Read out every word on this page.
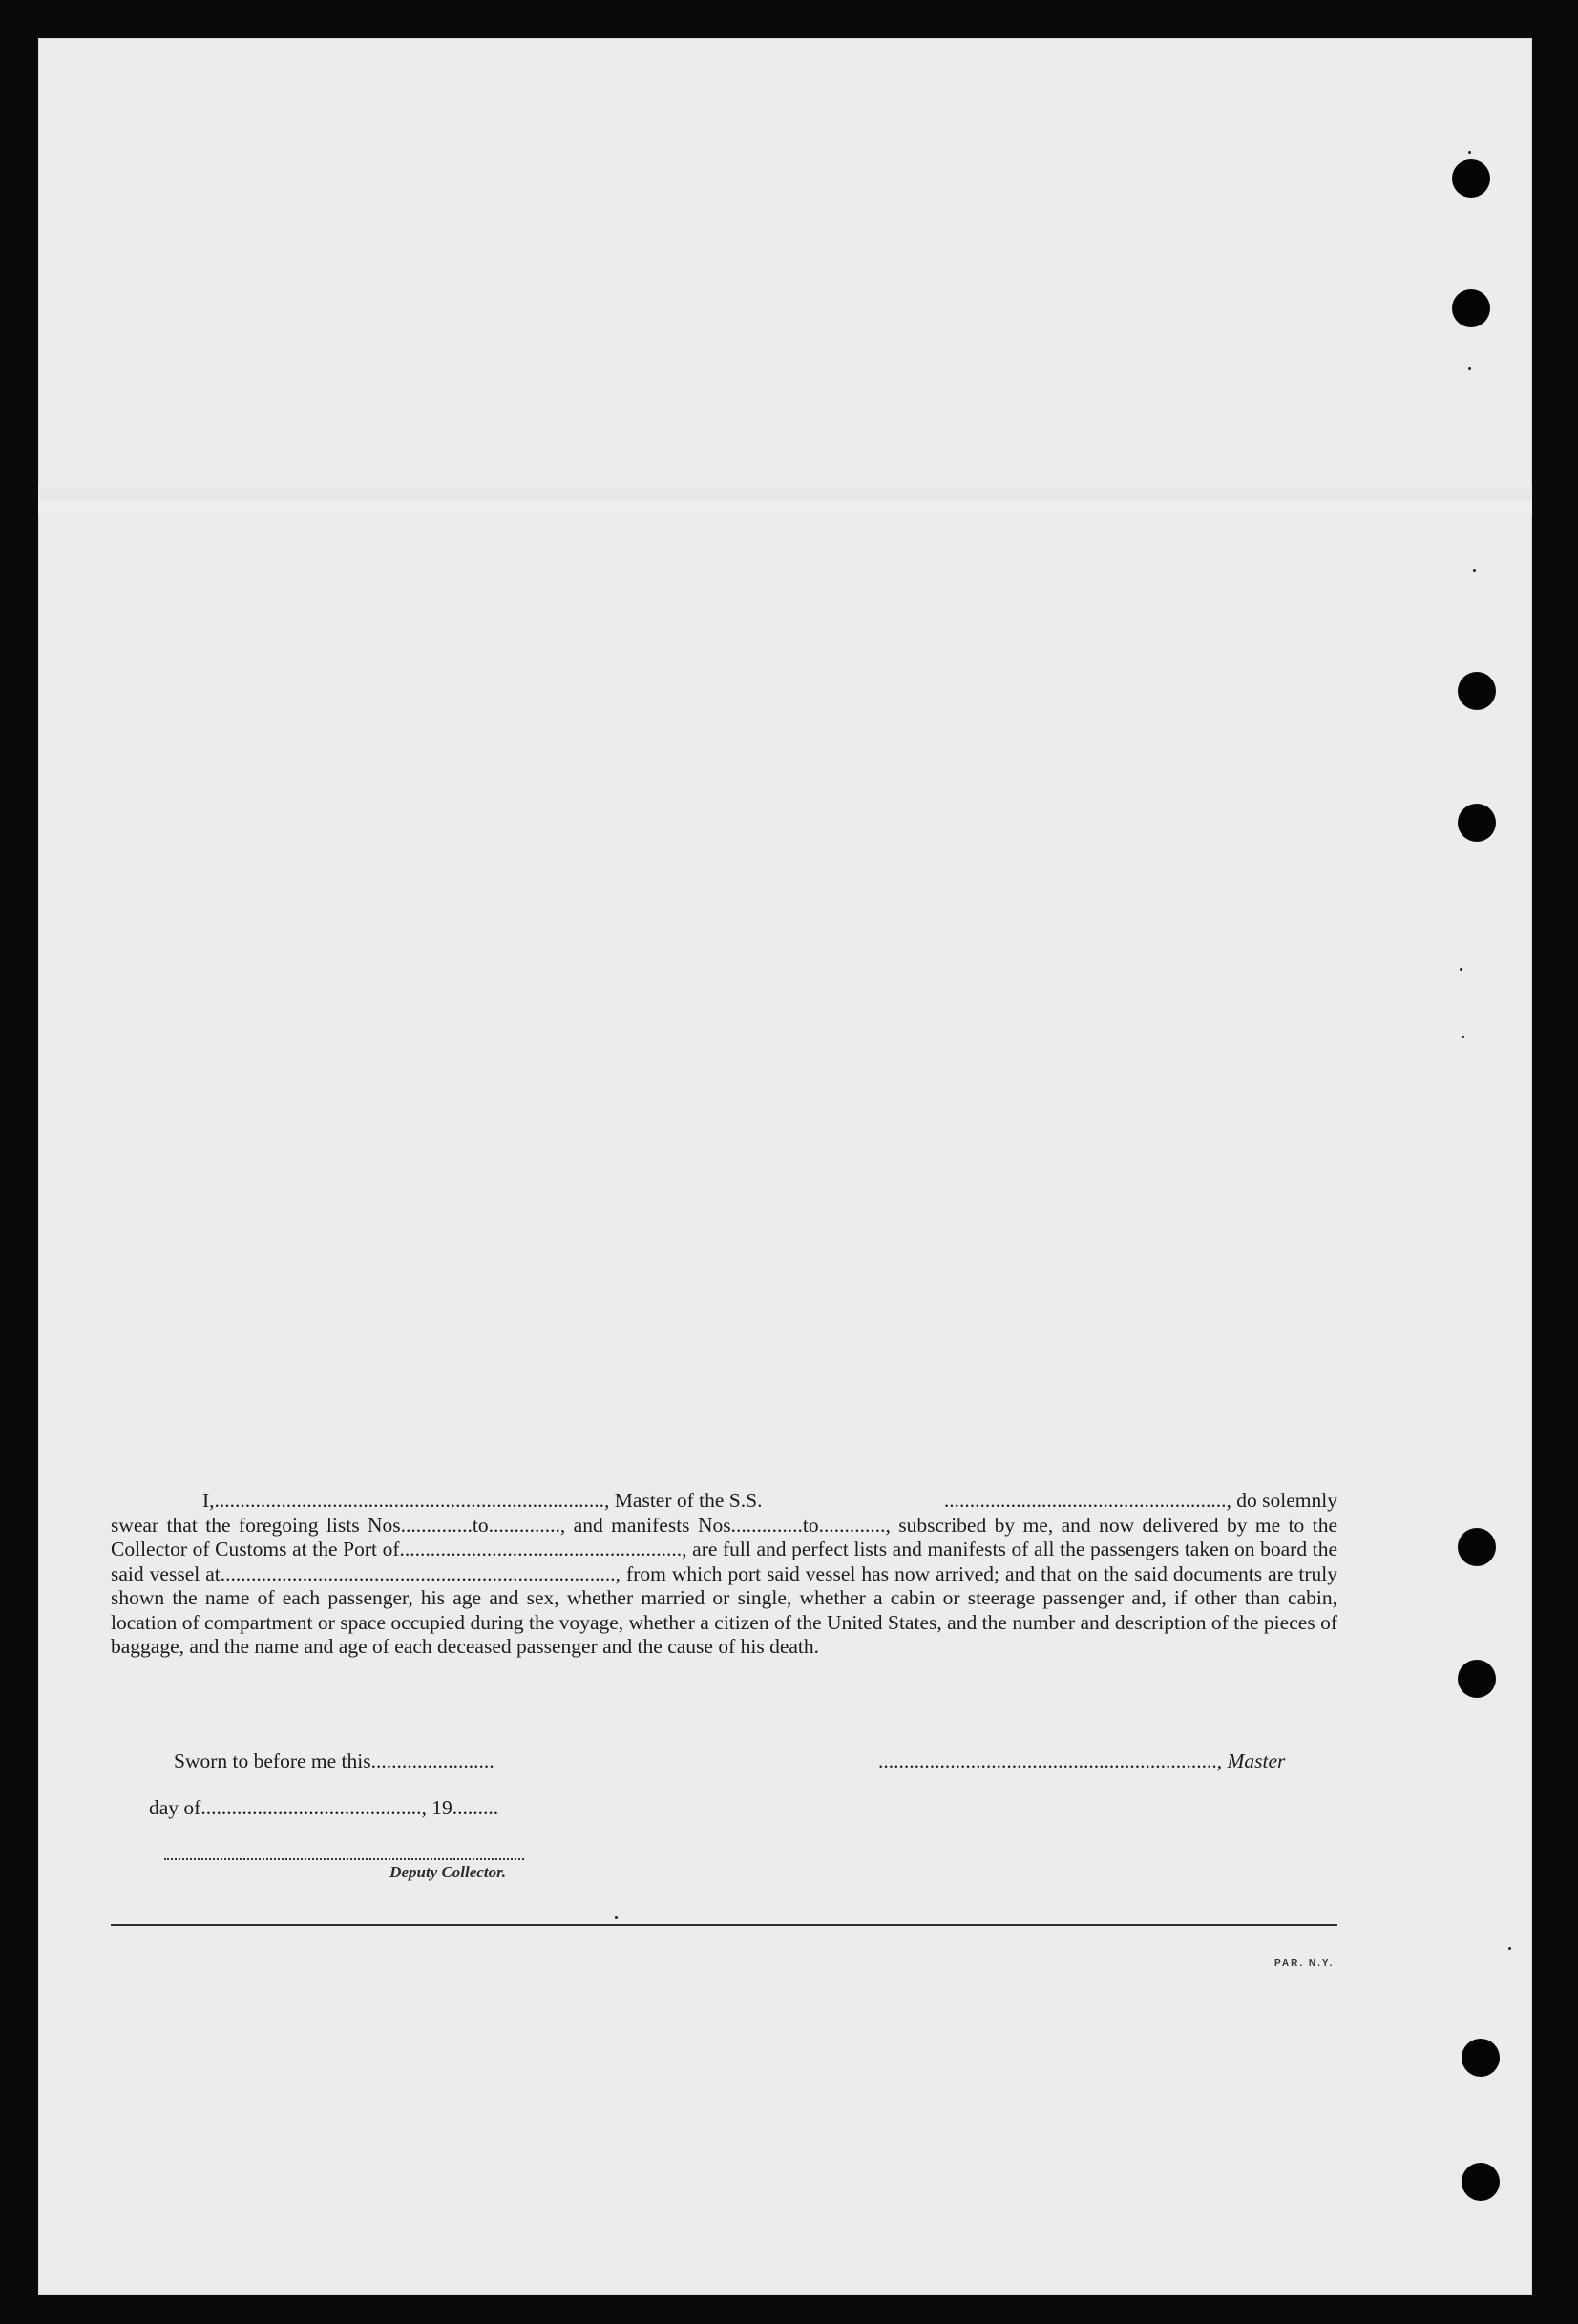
I, ............................................................................, Master of the S.S.	......................................................., do solemnly
swear that the foregoing lists Nos..............to.............., and manifests Nos..............to............., subscribed by me, and now delivered by me to the Collector of Customs at the Port of......................................................., are full and perfect lists and manifests of all the passengers taken on board the said vessel at............................................................................., from which port said vessel has now arrived; and that on the said documents are truly shown the name of each passenger, his age and sex, whether married or single, whether a cabin or steerage passenger and, if other than cabin, location of compartment or space occupied during the voyage, whether a citizen of the United States, and the number and description of the pieces of baggage, and the name and age of each deceased passenger and the cause of his death.
Sworn to before me this........................	.................................................................., Master
day of..........................................., 19.........
Deputy Collector.
PAR. N.Y.
